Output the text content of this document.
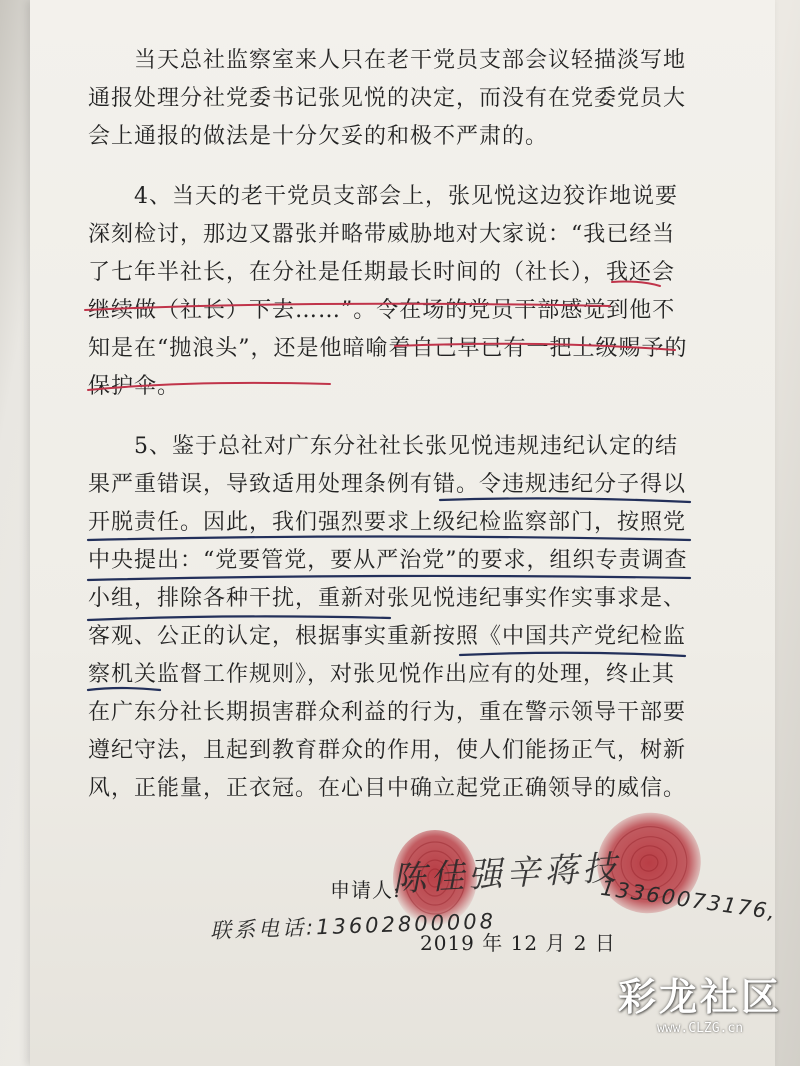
当天总社监察室来人只在老干党员支部会议轻描淡写地通报处理分社党委书记张见悦的决定，而没有在党委党员大会上通报的做法是十分欠妥的和极不严肃的。

4、当天的老干党员支部会上，张见悦这边狡诈地说要深刻检讨，那边又嚣张并略带威胁地对大家说：“我已经当了七年半社长，在分社是任期最长时间的（社长），我还会继续做（社长）下去……”。令在场的党员干部感觉到他不知是在“抛浪头”，还是他暗喻着自己早已有一把上级赐予的保护伞。

5、鉴于总社对广东分社社长张见悦违规违纪认定的结果严重错误，导致适用处理条例有错。令违规违纪分子得以开脱责任。因此，我们强烈要求上级纪检监察部门，按照党中央提出：“党要管党，要从严治党”的要求，组织专责调查小组，排除各种干扰，重新对张见悦违纪事实作实事求是、客观、公正的认定，根据事实重新按照《中国共产党纪检监察机关监督工作规则》，对张见悦作出应有的处理，终止其在广东分社长期损害群众利益的行为，重在警示领导干部要遵纪守法，且起到教育群众的作用，使人们能扬正气，树新风，正能量，正衣冠。在心目中确立起党正确领导的威信。

申请人:
陈佳强辛蒋技
13360073176,
联系电话:13602800008
2019 年 12 月 2 日
彩龙社区
www.CLZG.cn
